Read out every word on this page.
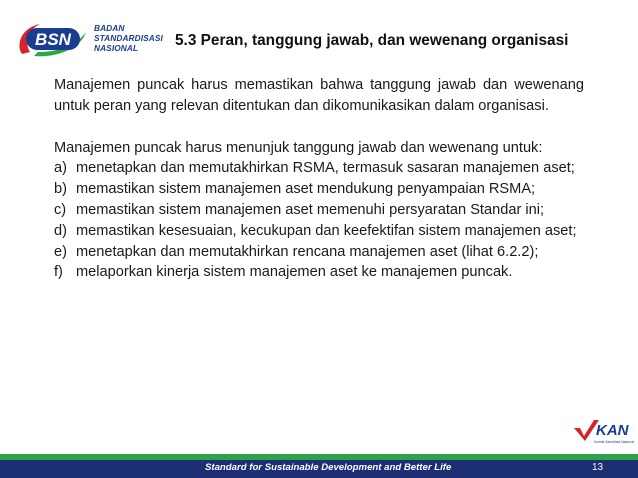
BSN
BADAN
STANDARDISASI
NASIONAL	5.3 Peran, tanggung jawab, dan wewenang organisasi

Manajemen puncak harus memastikan bahwa tanggung jawab dan wewenang untuk peran yang relevan ditentukan dan dikomunikasikan dalam organisasi.

Manajemen puncak harus menunjuk tanggung jawab dan wewenang untuk:

a) menetapkan dan memutakhirkan RSMA, termasuk sasaran manajemen aset;
b) memastikan sistem manajemen aset mendukung penyampaian RSMA;
c) memastikan sistem manajemen aset memenuhi persyaratan Standar ini;
d) memastikan kesesuaian, kecukupan dan keefektifan sistem manajemen aset;
e) menetapkan dan memutakhirkan rencana manajemen aset (lihat 6.2.2);
f) melaporkan kinerja sistem manajemen aset ke manajemen puncak.
KAN
Komite Akreditasi Nasional
Standard for Sustainable Development and Better Life	13
